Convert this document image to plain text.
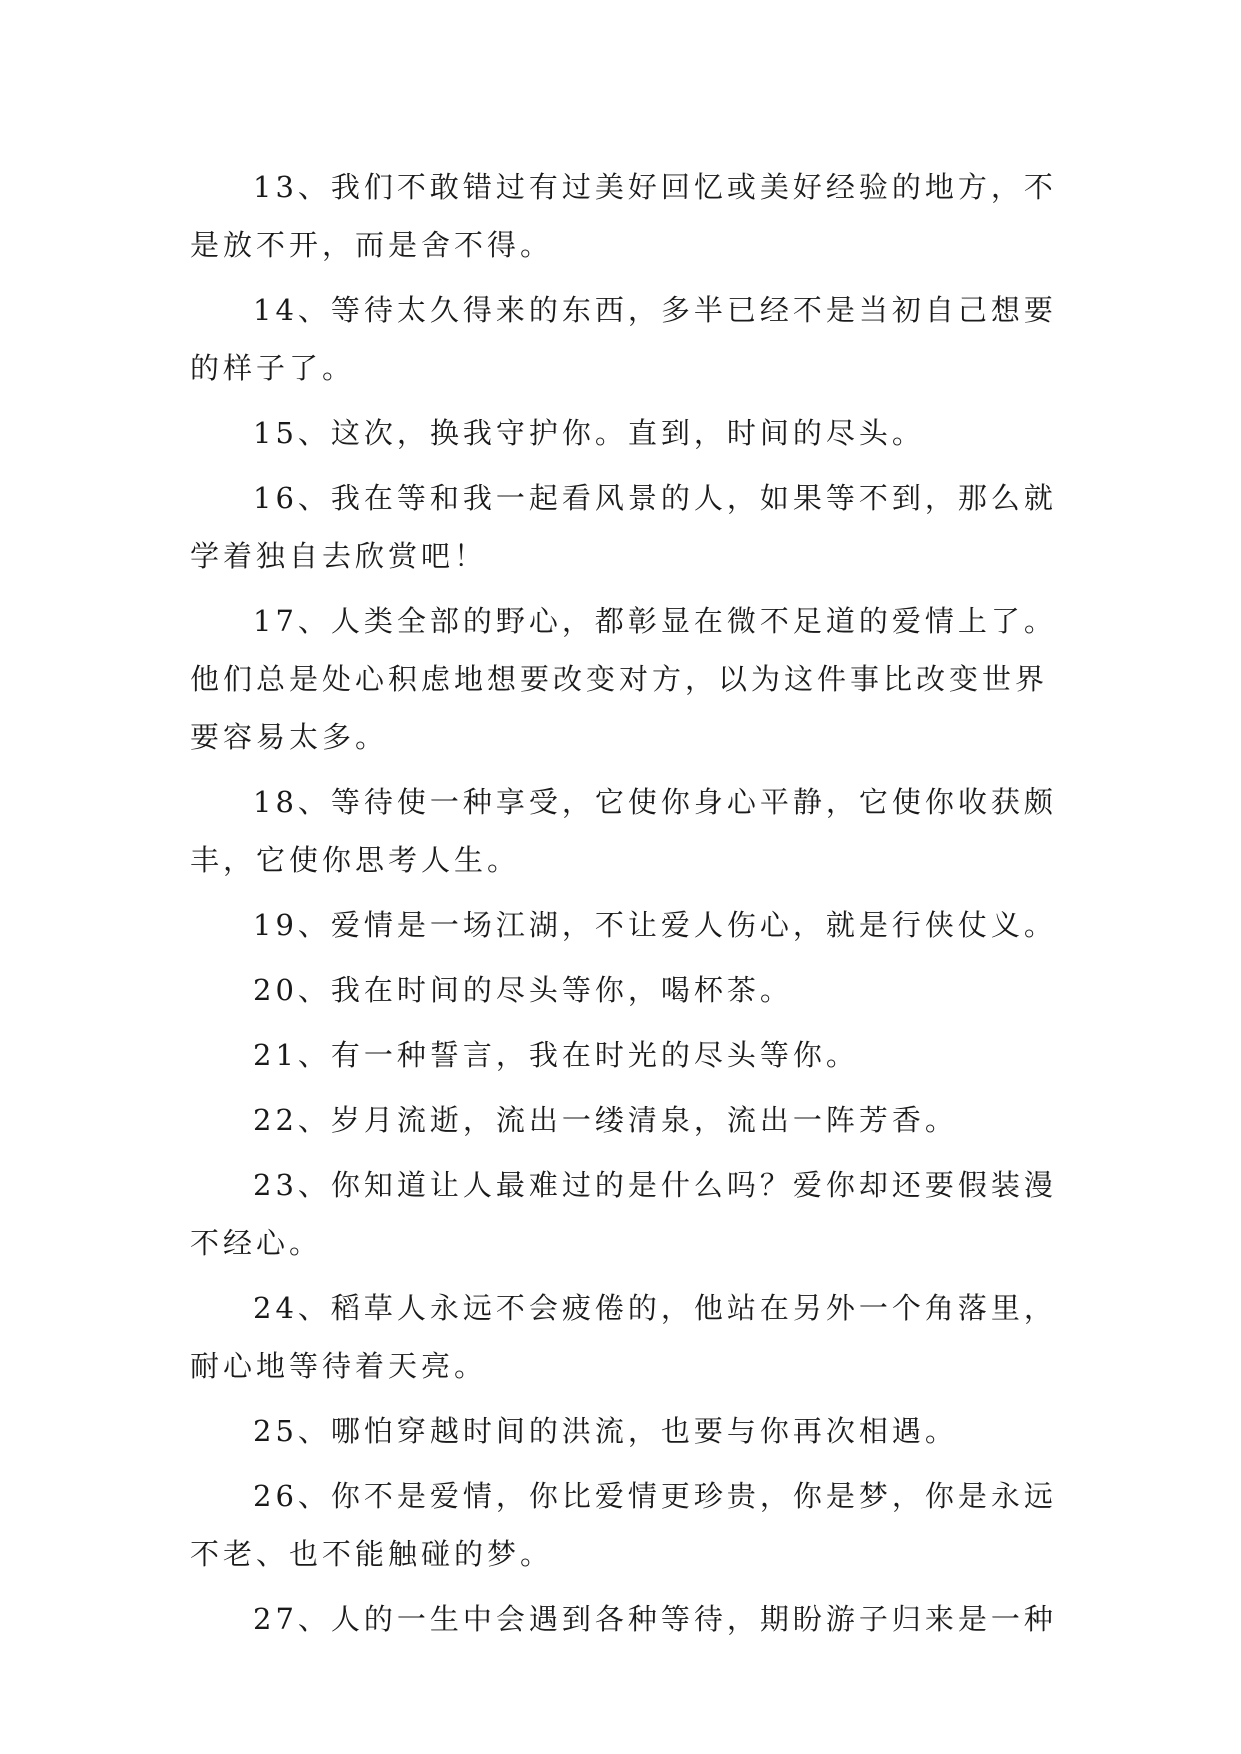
13、我们不敢错过有过美好回忆或美好经验的地方，不是放不开，而是舍不得。

14、等待太久得来的东西，多半已经不是当初自己想要的样子了。

15、这次，换我守护你。直到，时间的尽头。

16、我在等和我一起看风景的人，如果等不到，那么就学着独自去欣赏吧！

17、人类全部的野心，都彰显在微不足道的爱情上了。他们总是处心积虑地想要改变对方，以为这件事比改变世界要容易太多。

18、等待使一种享受，它使你身心平静，它使你收获颇丰，它使你思考人生。

19、爱情是一场江湖，不让爱人伤心，就是行侠仗义。

20、我在时间的尽头等你，喝杯茶。

21、有一种誓言，我在时光的尽头等你。

22、岁月流逝，流出一缕清泉，流出一阵芳香。

23、你知道让人最难过的是什么吗？爱你却还要假装漫不经心。

24、稻草人永远不会疲倦的，他站在另外一个角落里，耐心地等待着天亮。

25、哪怕穿越时间的洪流，也要与你再次相遇。

26、你不是爱情，你比爱情更珍贵，你是梦，你是永远不老、也不能触碰的梦。

27、人的一生中会遇到各种等待，期盼游子归来是一种
